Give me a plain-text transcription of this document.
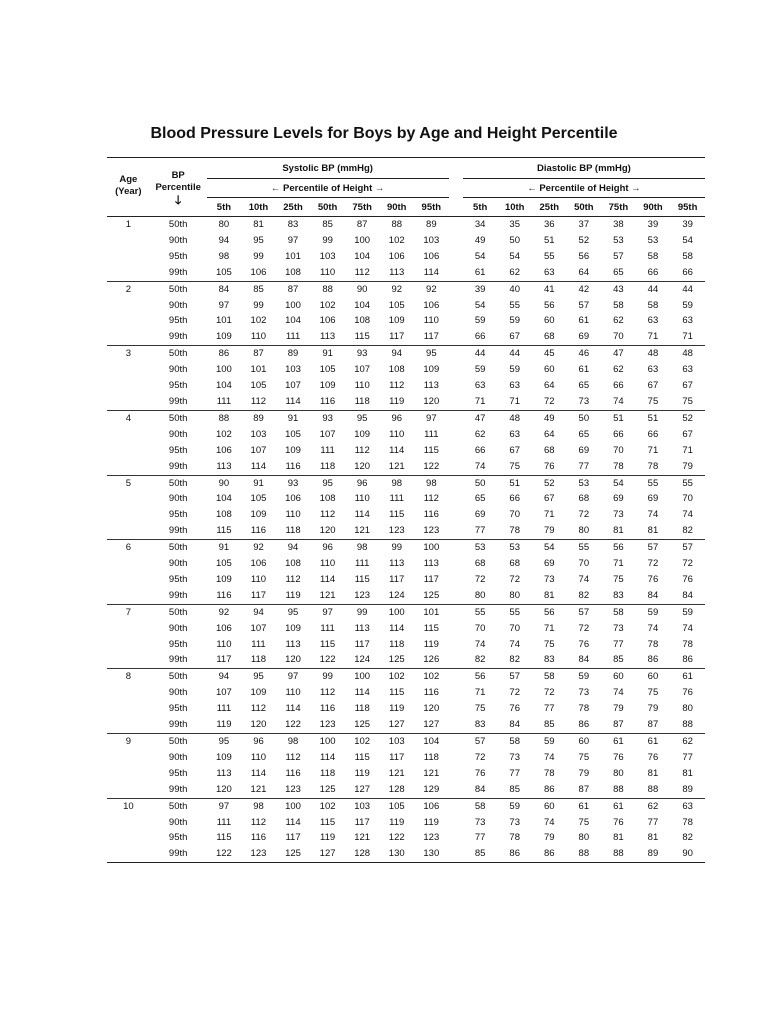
Blood Pressure Levels for Boys by Age and Height Percentile
Age
(Year)	BP
Percentile
🡓	Systolic BP (mmHg)								Diastolic BP (mmHg)						
		← Percentile of Height →								← Percentile of Height →						
		5th	10th	25th	50th	75th	90th	95th		5th	10th	25th	50th	75th	90th	95th
1	50th	80	81	83	85	87	88	89		34	35	36	37	38	39	39
	90th	94	95	97	99	100	102	103		49	50	51	52	53	53	54
	95th	98	99	101	103	104	106	106		54	54	55	56	57	58	58
	99th	105	106	108	110	112	113	114		61	62	63	64	65	66	66
2	50th	84	85	87	88	90	92	92		39	40	41	42	43	44	44
	90th	97	99	100	102	104	105	106		54	55	56	57	58	58	59
	95th	101	102	104	106	108	109	110		59	59	60	61	62	63	63
	99th	109	110	111	113	115	117	117		66	67	68	69	70	71	71
3	50th	86	87	89	91	93	94	95		44	44	45	46	47	48	48
	90th	100	101	103	105	107	108	109		59	59	60	61	62	63	63
	95th	104	105	107	109	110	112	113		63	63	64	65	66	67	67
	99th	111	112	114	116	118	119	120		71	71	72	73	74	75	75
4	50th	88	89	91	93	95	96	97		47	48	49	50	51	51	52
	90th	102	103	105	107	109	110	111		62	63	64	65	66	66	67
	95th	106	107	109	111	112	114	115		66	67	68	69	70	71	71
	99th	113	114	116	118	120	121	122		74	75	76	77	78	78	79
5	50th	90	91	93	95	96	98	98		50	51	52	53	54	55	55
	90th	104	105	106	108	110	111	112		65	66	67	68	69	69	70
	95th	108	109	110	112	114	115	116		69	70	71	72	73	74	74
	99th	115	116	118	120	121	123	123		77	78	79	80	81	81	82
6	50th	91	92	94	96	98	99	100		53	53	54	55	56	57	57
	90th	105	106	108	110	111	113	113		68	68	69	70	71	72	72
	95th	109	110	112	114	115	117	117		72	72	73	74	75	76	76
	99th	116	117	119	121	123	124	125		80	80	81	82	83	84	84
7	50th	92	94	95	97	99	100	101		55	55	56	57	58	59	59
	90th	106	107	109	111	113	114	115		70	70	71	72	73	74	74
	95th	110	111	113	115	117	118	119		74	74	75	76	77	78	78
	99th	117	118	120	122	124	125	126		82	82	83	84	85	86	86
8	50th	94	95	97	99	100	102	102		56	57	58	59	60	60	61
	90th	107	109	110	112	114	115	116		71	72	72	73	74	75	76
	95th	111	112	114	116	118	119	120		75	76	77	78	79	79	80
	99th	119	120	122	123	125	127	127		83	84	85	86	87	87	88
9	50th	95	96	98	100	102	103	104		57	58	59	60	61	61	62
	90th	109	110	112	114	115	117	118		72	73	74	75	76	76	77
	95th	113	114	116	118	119	121	121		76	77	78	79	80	81	81
	99th	120	121	123	125	127	128	129		84	85	86	87	88	88	89
10	50th	97	98	100	102	103	105	106		58	59	60	61	61	62	63
	90th	111	112	114	115	117	119	119		73	73	74	75	76	77	78
	95th	115	116	117	119	121	122	123		77	78	79	80	81	81	82
	99th	122	123	125	127	128	130	130		85	86	86	88	88	89	90
